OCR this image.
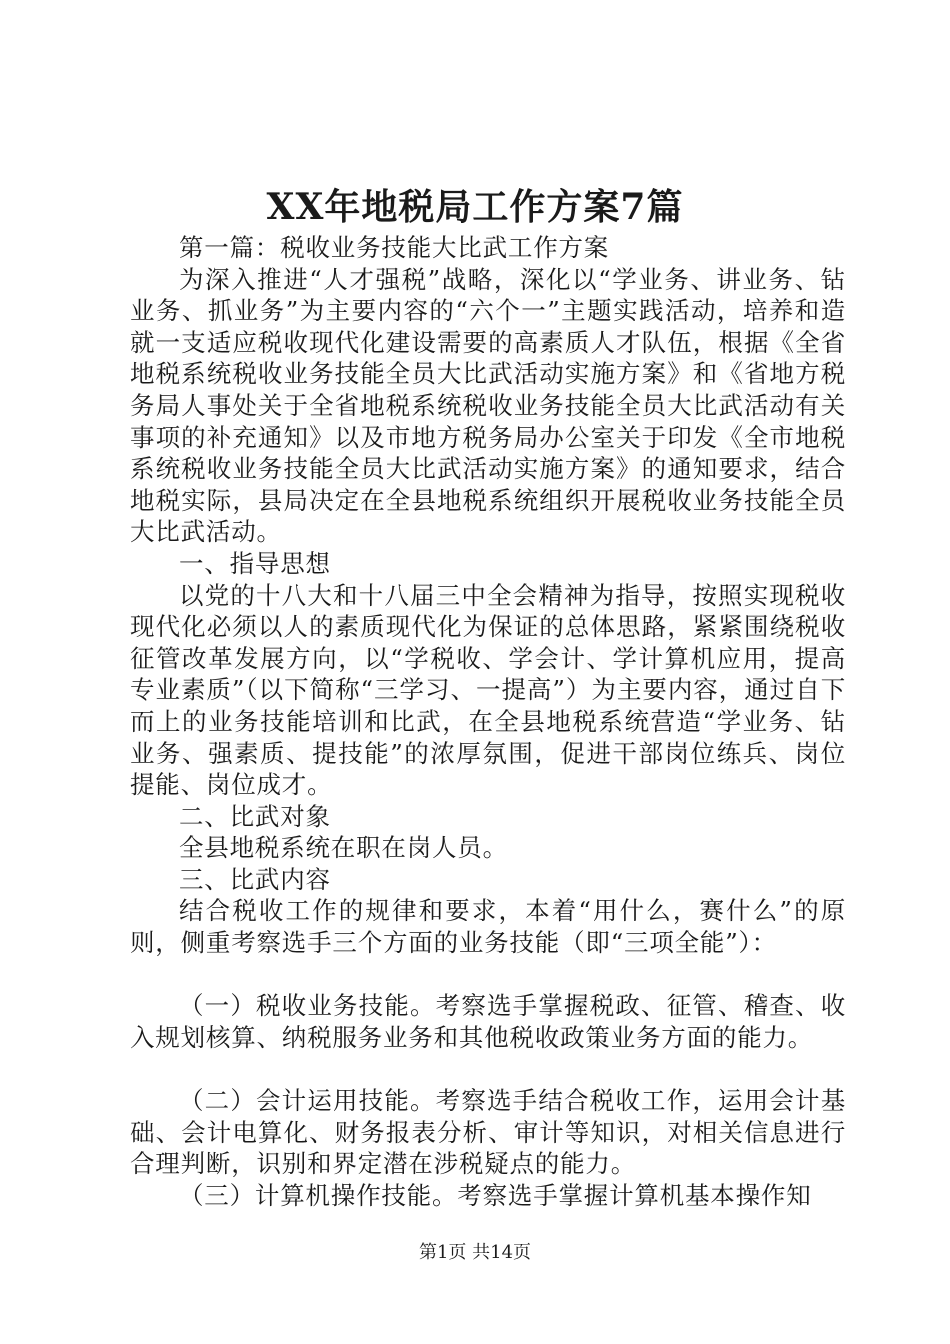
XX年地税局工作方案7篇

第一篇：税收业务技能大比武工作方案

为深入推进“人才强税”战略，深化以“学业务、讲业务、钻业务、抓业务”为主要内容的“六个一”主题实践活动，培养和造就一支适应税收现代化建设需要的高素质人才队伍，根据《全省地税系统税收业务技能全员大比武活动实施方案》和《省地方税务局人事处关于全省地税系统税收业务技能全员大比武活动有关事项的补充通知》以及市地方税务局办公室关于印发《全市地税系统税收业务技能全员大比武活动实施方案》的通知要求，结合地税实际，县局决定在全县地税系统组织开展税收业务技能全员大比武活动。

一、指导思想

以党的十八大和十八届三中全会精神为指导，按照实现税收现代化必须以人的素质现代化为保证的总体思路，紧紧围绕税收征管改革发展方向，以“学税收、学会计、学计算机应用，提高专业素质”（以下简称“三学习、一提高”）为主要内容，通过自下而上的业务技能培训和比武，在全县地税系统营造“学业务、钻业务、强素质、提技能”的浓厚氛围，促进干部岗位练兵、岗位提能、岗位成才。

二、比武对象

全县地税系统在职在岗人员。

三、比武内容

结合税收工作的规律和要求，本着“用什么，赛什么”的原则，侧重考察选手三个方面的业务技能（即“三项全能”）：

（一）税收业务技能。考察选手掌握税政、征管、稽查、收入规划核算、纳税服务业务和其他税收政策业务方面的能力。

（二）会计运用技能。考察选手结合税收工作，运用会计基础、会计电算化、财务报表分析、审计等知识，对相关信息进行合理判断，识别和界定潜在涉税疑点的能力。

（三）计算机操作技能。考察选手掌握计算机基本操作知

第1页 共14页
